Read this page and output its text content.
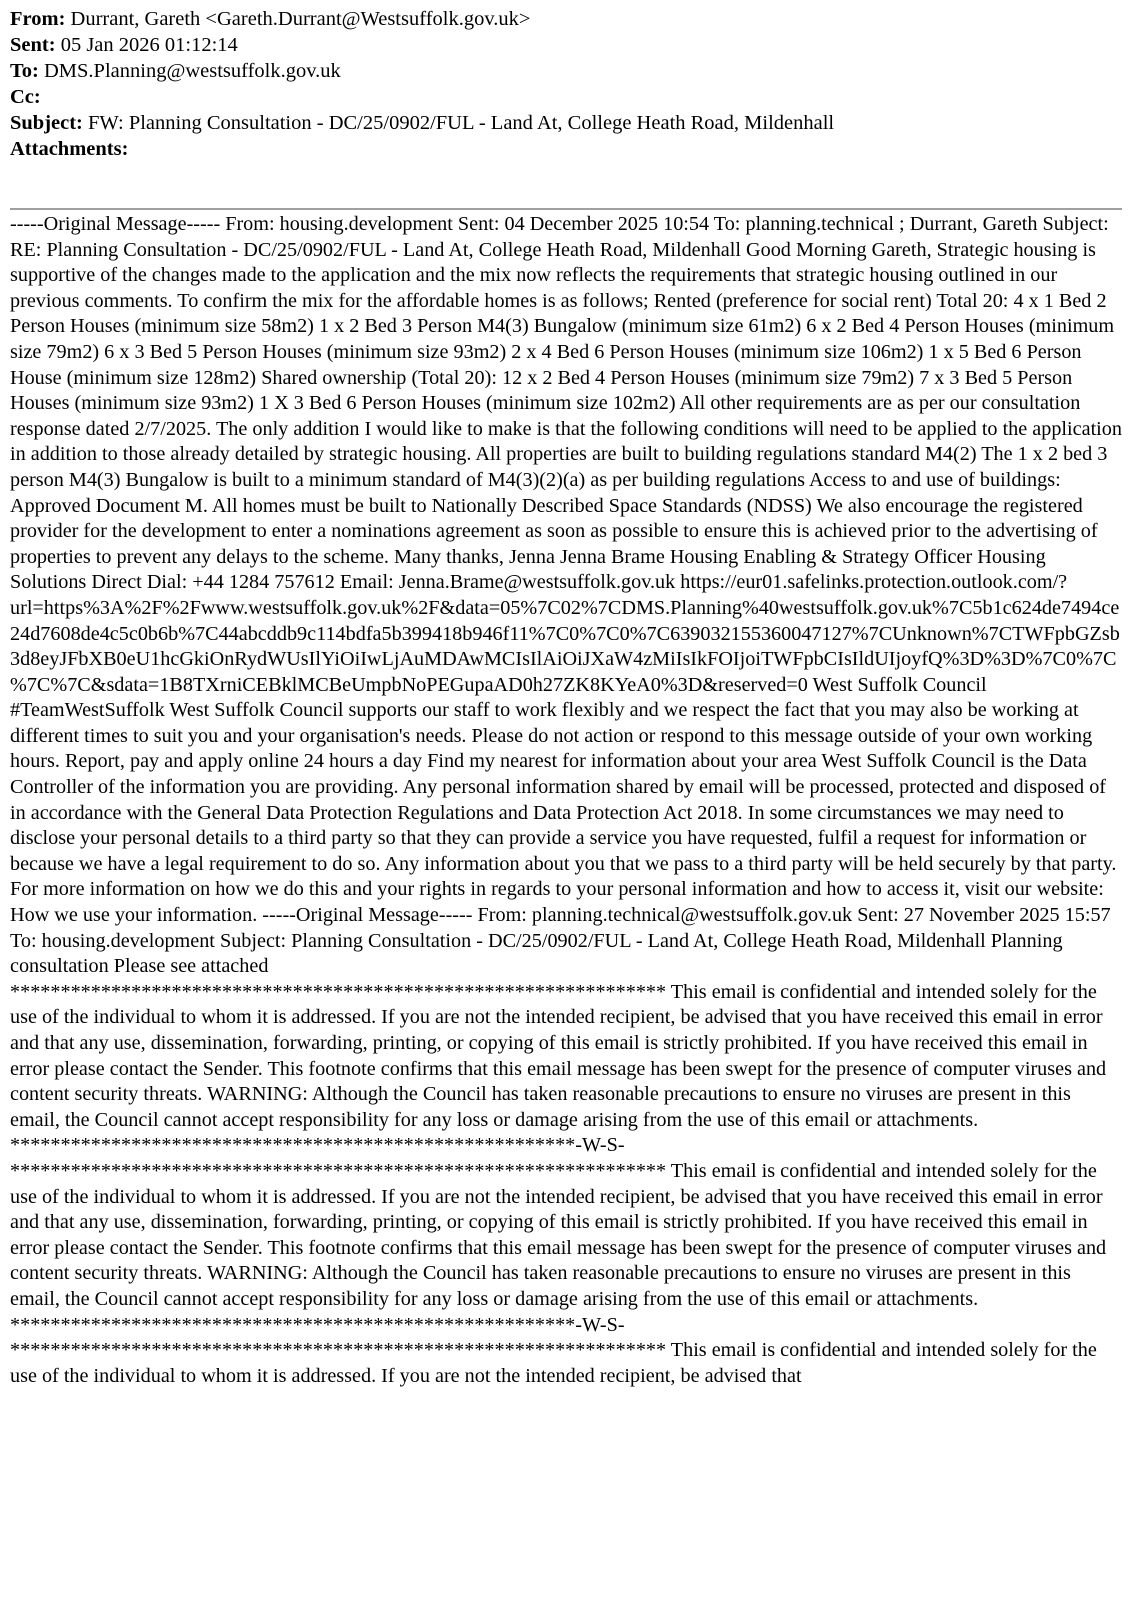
From: Durrant, Gareth <Gareth.Durrant@Westsuffolk.gov.uk>
Sent: 05 Jan 2026 01:12:14
To: DMS.Planning@westsuffolk.gov.uk
Cc:
Subject: FW: Planning Consultation - DC/25/0902/FUL - Land At, College Heath Road, Mildenhall
Attachments:

-----Original Message----- From: housing.development Sent: 04 December 2025 10:54 To: planning.technical ; Durrant, Gareth Subject: RE: Planning Consultation - DC/25/0902/FUL - Land At, College Heath Road, Mildenhall Good Morning Gareth, Strategic housing is supportive of the changes made to the application and the mix now reflects the requirements that strategic housing outlined in our previous comments. To confirm the mix for the affordable homes is as follows; Rented (preference for social rent) Total 20: 4 x 1 Bed 2 Person Houses (minimum size 58m2) 1 x 2 Bed 3 Person M4(3) Bungalow (minimum size 61m2) 6 x 2 Bed 4 Person Houses (minimum size 79m2) 6 x 3 Bed 5 Person Houses (minimum size 93m2) 2 x 4 Bed 6 Person Houses (minimum size 106m2) 1 x 5 Bed 6 Person House (minimum size 128m2) Shared ownership (Total 20): 12 x 2 Bed 4 Person Houses (minimum size 79m2) 7 x 3 Bed 5 Person Houses (minimum size 93m2) 1 X 3 Bed 6 Person Houses (minimum size 102m2) All other requirements are as per our consultation response dated 2/7/2025. The only addition I would like to make is that the following conditions will need to be applied to the application in addition to those already detailed by strategic housing. All properties are built to building regulations standard M4(2) The 1 x 2 bed 3 person M4(3) Bungalow is built to a minimum standard of M4(3)(2)(a) as per building regulations Access to and use of buildings: Approved Document M. All homes must be built to Nationally Described Space Standards (NDSS) We also encourage the registered provider for the development to enter a nominations agreement as soon as possible to ensure this is achieved prior to the advertising of properties to prevent any delays to the scheme. Many thanks, Jenna Jenna Brame Housing Enabling & Strategy Officer Housing Solutions Direct Dial: +44 1284 757612 Email: Jenna.Brame@westsuffolk.gov.uk https://eur01.safelinks.protection.outlook.com/?url=https%3A%2F%2Fwww.westsuffolk.gov.uk%2F&data=05%7C02%7CDMS.Planning%40westsuffolk.gov.uk%7C5b1c624de7494ce24d7608de4c5c0b6b%7C44abcddb9c114bdfa5b399418b946f11%7C0%7C0%7C639032155360047127%7CUnknown%7CTWFpbGZsb3d8eyJFbXB0eU1hcGkiOnRydWUsIlYiOiIwLjAuMDAwMCIsIlAiOiJXaW4zMiIsIkFOIjoiTWFpbCIsIldUIjoyfQ%3D%3D%7C0%7C%7C%7C&sdata=1B8TXrniCEBklMCBeUmpbNoPEGupaAD0h27ZK8KYeA0%3D&reserved=0 West Suffolk Council #TeamWestSuffolk West Suffolk Council supports our staff to work flexibly and we respect the fact that you may also be working at different times to suit you and your organisation's needs. Please do not action or respond to this message outside of your own working hours. Report, pay and apply online 24 hours a day Find my nearest for information about your area West Suffolk Council is the Data Controller of the information you are providing. Any personal information shared by email will be processed, protected and disposed of in accordance with the General Data Protection Regulations and Data Protection Act 2018. In some circumstances we may need to disclose your personal details to a third party so that they can provide a service you have requested, fulfil a request for information or because we have a legal requirement to do so. Any information about you that we pass to a third party will be held securely by that party. For more information on how we do this and your rights in regards to your personal information and how to access it, visit our website: How we use your information. -----Original Message----- From: planning.technical@westsuffolk.gov.uk Sent: 27 November 2025 15:57 To: housing.development Subject: Planning Consultation - DC/25/0902/FUL - Land At, College Heath Road, Mildenhall Planning consultation Please see attached

***************************************************************** This email is confidential and intended solely for the use of the individual to whom it is addressed. If you are not the intended recipient, be advised that you have received this email in error and that any use, dissemination, forwarding, printing, or copying of this email is strictly prohibited. If you have received this email in error please contact the Sender. This footnote confirms that this email message has been swept for the presence of computer viruses and content security threats. WARNING: Although the Council has taken reasonable precautions to ensure no viruses are present in this email, the Council cannot accept responsibility for any loss or damage arising from the use of this email or attachments.

********************************************************-W-S-

***************************************************************** This email is confidential and intended solely for the use of the individual to whom it is addressed. If you are not the intended recipient, be advised that you have received this email in error and that any use, dissemination, forwarding, printing, or copying of this email is strictly prohibited. If you have received this email in error please contact the Sender. This footnote confirms that this email message has been swept for the presence of computer viruses and content security threats. WARNING: Although the Council has taken reasonable precautions to ensure no viruses are present in this email, the Council cannot accept responsibility for any loss or damage arising from the use of this email or attachments.

********************************************************-W-S-

***************************************************************** This email is confidential and intended solely for the use of the individual to whom it is addressed. If you are not the intended recipient, be advised that
